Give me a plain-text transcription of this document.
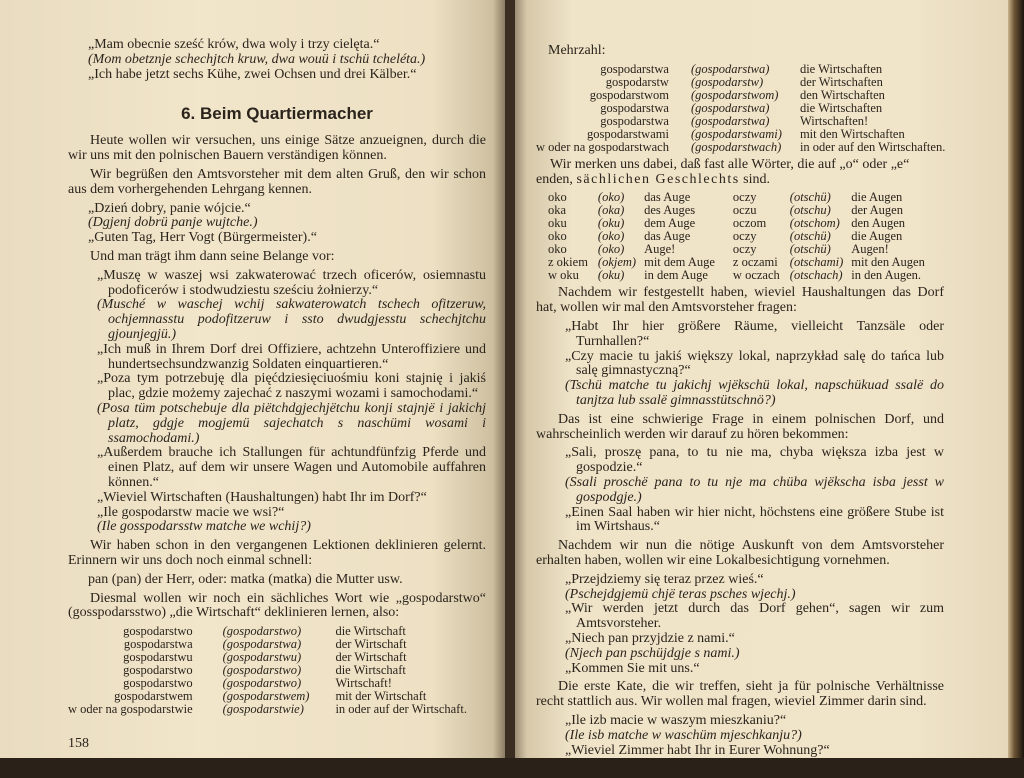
„Mam obecnie sześć krów, dwa woly i trzy cielęta.“
(Mom obetznje schechjtch kruw, dwa wouü i tschü tcheléta.)
„Ich habe jetzt sechs Kühe, zwei Ochsen und drei Kälber.“
6. Beim Quartiermacher
Heute wollen wir versuchen, uns einige Sätze anzueignen, durch die wir uns mit den polnischen Bauern verständigen können.
Wir begrüßen den Amtsvorsteher mit dem alten Gruß, den wir schon aus dem vorhergehenden Lehrgang kennen.
„Dzień dobry, panie wójcie.“
(Dgjenj dobrü panje wujtche.)
„Guten Tag, Herr Vogt (Bürgermeister).“
Und man trägt ihm dann seine Belange vor:
„Muszę w waszej wsi zakwaterować trzech oficerów, osiemnastu podoficerów i stodwudziestu sześciu żołnierzy.“
(Musché w waschej wchij sakwaterowatch tschech ofitzeruw, ochjemnasstu podofitzeruw i ssto dwudgjesstu schechjtchu gjounjegjü.)
„Ich muß in Ihrem Dorf drei Offiziere, achtzehn Unteroffiziere und hundertsechsundzwanzig Soldaten einquartieren.“
„Poza tym potrzebuję dla pięćdziesięciuośmiu koni stajnię i jakiś plac, gdzie możemy zajechać z naszymi wozami i samochodami.“
(Posa tüm potschebuje dla piëtchdgjechjëtchu konji stajnjë i jakichj platz, gdgje mogjemü sajechatch s naschümi wosami i ssamochodami.)
„Außerdem brauche ich Stallungen für achtundfünfzig Pferde und einen Platz, auf dem wir unsere Wagen und Automobile auffahren können.“
„Wieviel Wirtschaften (Haushaltungen) habt Ihr im Dorf?“
„Ile gospodarstw macie we wsi?“
(Ile gosspodarsstw matche we wchij?)
Wir haben schon in den vergangenen Lektionen deklinieren gelernt. Erinnern wir uns doch noch einmal schnell:
pan (pan) der Herr, oder: matka (matka) die Mutter usw.
Diesmal wollen wir noch ein sächliches Wort wie „gospodarstwo“ (gosspodarsstwo) „die Wirtschaft“ deklinieren lernen, also:
gospodarstwo	(gospodarstwo)	die Wirtschaft
gospodarstwa	(gospodarstwa)	der Wirtschaft
gospodarstwu	(gospodarstwu)	der Wirtschaft
gospodarstwo	(gospodarstwo)	die Wirtschaft
gospodarstwo	(gospodarstwo)	Wirtschaft!
gospodarstwem	(gospodarstwem)	mit der Wirtschaft
w oder na gospodarstwie	(gospodarstwie)	in oder auf der Wirtschaft.
158
Mehrzahl:
gospodarstwa	(gospodarstwa)	die Wirtschaften
gospodarstw	(gospodarstw)	der Wirtschaften
gospodarstwom	(gospodarstwom)	den Wirtschaften
gospodarstwa	(gospodarstwa)	die Wirtschaften
gospodarstwa	(gospodarstwa)	Wirtschaften!
gospodarstwami	(gospodarstwami)	mit den Wirtschaften
w oder na gospodarstwach	(gospodarstwach)	in oder auf den Wirtschaften.
Wir merken uns dabei, daß fast alle Wörter, die auf „o“ oder „e“ enden, sächlichen Geschlechts sind.
oko	(oko)	das Auge	oczy	(otschü)	die Augen
oka	(oka)	des Auges	oczu	(otschu)	der Augen
oku	(oku)	dem Auge	oczom	(otschom)	den Augen
oko	(oko)	das Auge	oczy	(otschü)	die Augen
oko	(oko)	Auge!	oczy	(otschü)	Augen!
z okiem	(okjem)	mit dem Auge	z oczami	(otschami)	mit den Augen
w oku	(oku)	in dem Auge	w oczach	(otschach)	in den Augen.
Nachdem wir festgestellt haben, wieviel Haushaltungen das Dorf hat, wollen wir mal den Amtsvorsteher fragen:
„Habt Ihr hier größere Räume, vielleicht Tanzsäle oder Turnhallen?“
„Czy macie tu jakiś większy lokal, naprzykład salę do tańca lub salę gimnastyczną?“
(Tschü matche tu jakichj wjëkschü lokal, napschükuad ssalë do tanjtza lub ssalë gimnasstütschnö?)
Das ist eine schwierige Frage in einem polnischen Dorf, und wahrscheinlich werden wir darauf zu hören bekommen:
„Sali, proszę pana, to tu nie ma, chyba większa izba jest w gospodzie.“
(Ssali proschë pana to tu nje ma chüba wjëkscha isba jesst w gospodgje.)
„Einen Saal haben wir hier nicht, höchstens eine größere Stube ist im Wirtshaus.“
Nachdem wir nun die nötige Auskunft von dem Amtsvorsteher erhalten haben, wollen wir eine Lokalbesichtigung vornehmen.
„Przejdziemy się teraz przez wieś.“
(Pschejdgjemü chjë teras psches wjechj.)
„Wir werden jetzt durch das Dorf gehen“, sagen wir zum Amtsvorsteher.
„Niech pan przyjdzie z nami.“
(Njech pan pschüjdgje s nami.)
„Kommen Sie mit uns.“
Die erste Kate, die wir treffen, sieht ja für polnische Verhältnisse recht stattlich aus. Wir wollen mal fragen, wieviel Zimmer darin sind.
„Ile izb macie w waszym mieszkaniu?“
(Ile isb matche w waschüm mjeschkanju?)
„Wieviel Zimmer habt Ihr in Eurer Wohnung?“
159
